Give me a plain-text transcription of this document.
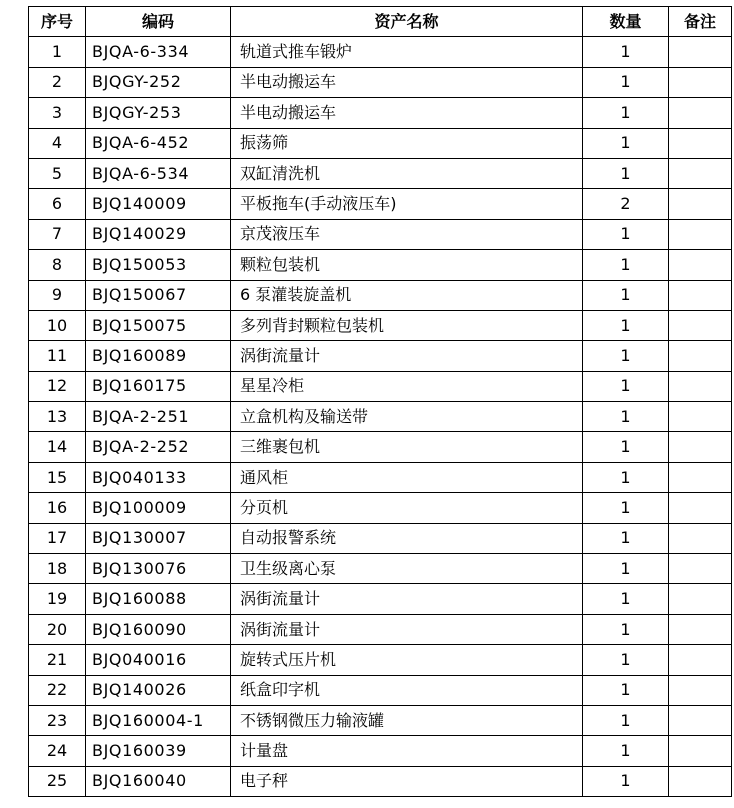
序号	编码	资产名称	数量	备注
1	BJQA-6-334	轨道式推车锻炉	1	
2	BJQGY-252	半电动搬运车	1	
3	BJQGY-253	半电动搬运车	1	
4	BJQA-6-452	振荡筛	1	
5	BJQA-6-534	双缸清洗机	1	
6	BJQ140009	平板拖车(手动液压车)	2	
7	BJQ140029	京茂液压车	1	
8	BJQ150053	颗粒包装机	1	
9	BJQ150067	6 泵灌装旋盖机	1	
10	BJQ150075	多列背封颗粒包装机	1	
11	BJQ160089	涡街流量计	1	
12	BJQ160175	星星冷柜	1	
13	BJQA-2-251	立盒机构及输送带	1	
14	BJQA-2-252	三维裹包机	1	
15	BJQ040133	通风柜	1	
16	BJQ100009	分页机	1	
17	BJQ130007	自动报警系统	1	
18	BJQ130076	卫生级离心泵	1	
19	BJQ160088	涡街流量计	1	
20	BJQ160090	涡街流量计	1	
21	BJQ040016	旋转式压片机	1	
22	BJQ140026	纸盒印字机	1	
23	BJQ160004-1	不锈钢微压力输液罐	1	
24	BJQ160039	计量盘	1	
25	BJQ160040	电子秤	1	
